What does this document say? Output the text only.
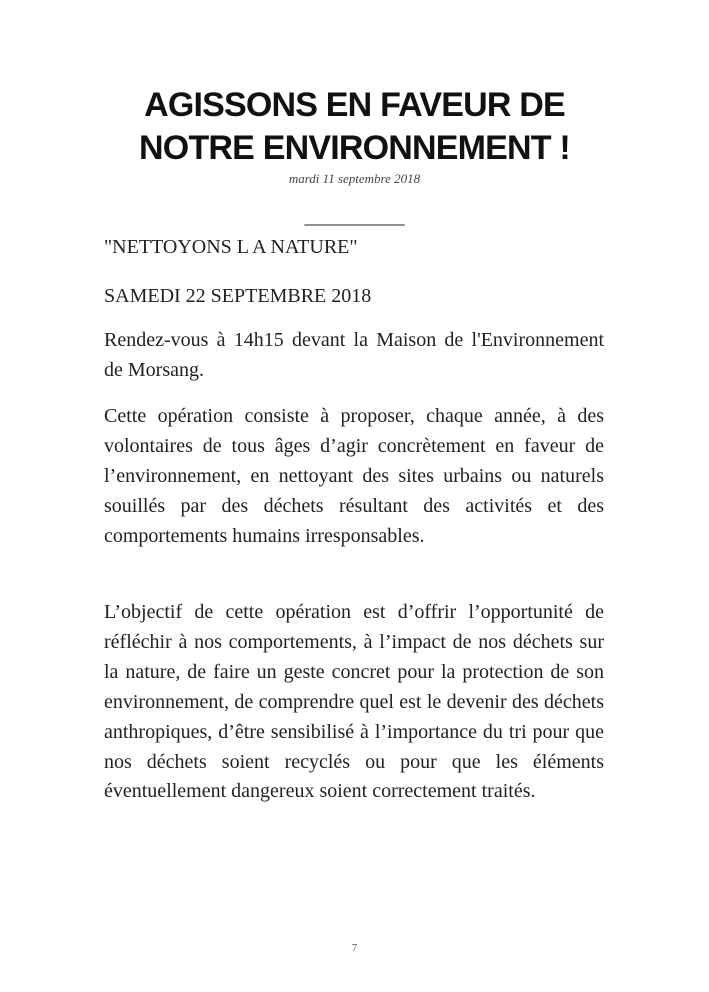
AGISSONS EN FAVEUR DE
NOTRE ENVIRONNEMENT !
mardi 11 septembre 2018
__________

"NETTOYONS L A NATURE"

SAMEDI 22 SEPTEMBRE 2018

Rendez-vous à 14h15 devant la Maison de l'Environnement de Morsang.

Cette opération consiste à proposer, chaque année, à des volontaires de tous âges d’agir concrètement en faveur de l’environnement, en nettoyant des sites urbains ou naturels souillés par des déchets résultant des activités et des comportements humains irresponsables.

L’objectif de cette opération est d’offrir l’opportunité de réfléchir à nos comportements, à l’impact de nos déchets sur la nature, de faire un geste concret pour la protection de son environnement, de comprendre quel est le devenir des déchets anthropiques, d’être sensibilisé à l’importance du tri pour que nos déchets soient recyclés ou pour que les éléments éventuellement dangereux soient correctement traités.

7
